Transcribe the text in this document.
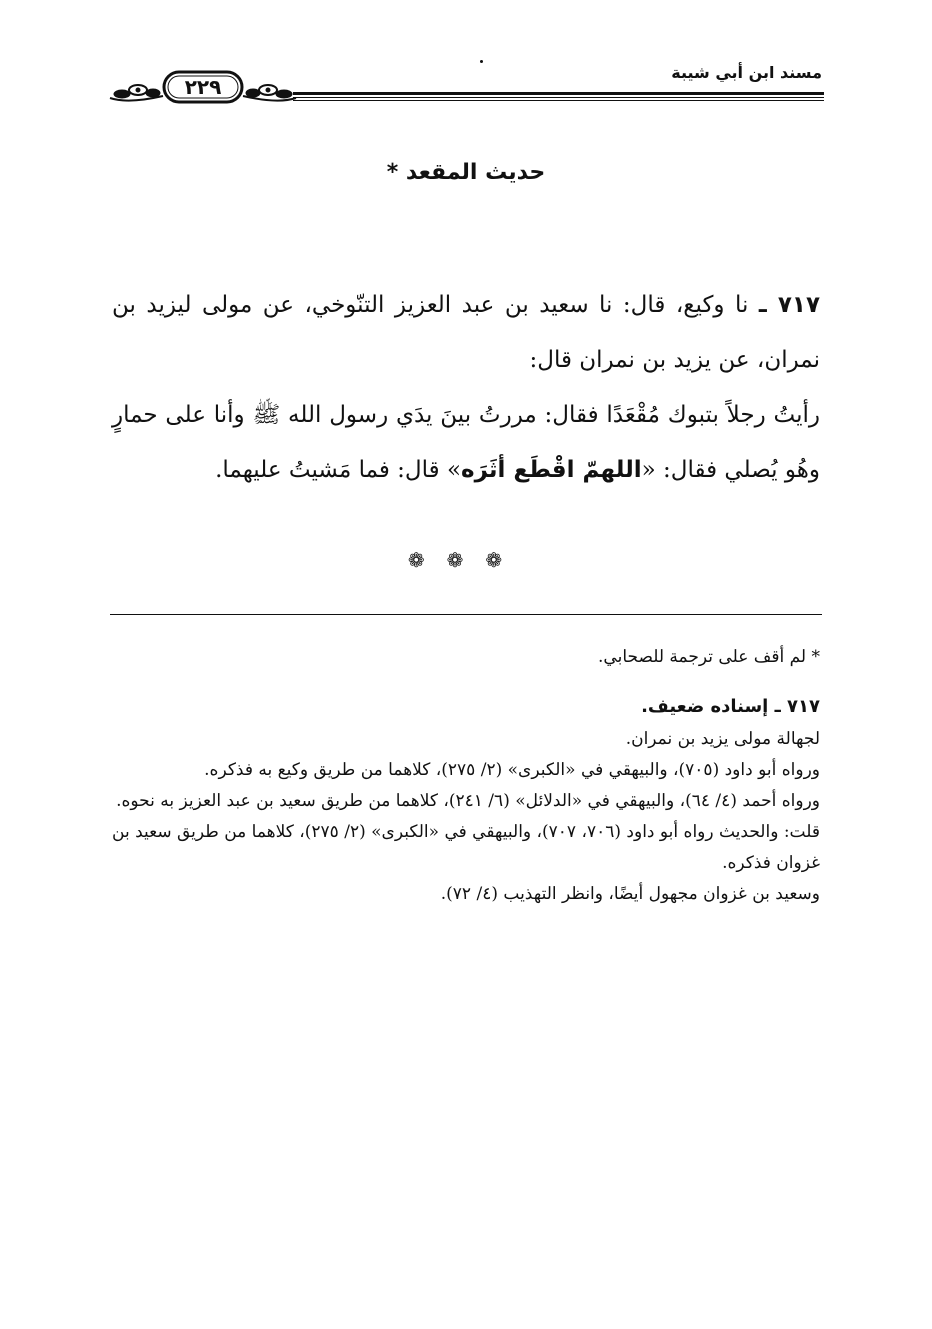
مسند ابن أبي شيبة
٢٢٩
حديث المقعد *

٧١٧ ـ نا وكيع، قال: نا سعيد بن عبد العزيز التنّوخي، عن مولى ليزيد بن نمران، عن يزيد بن نمران قال:

رأيتُ رجلاً بتبوك مُقْعَدًا فقال: مررتُ بينَ يدَي رسول الله ﷺ وأنا على حمارٍ وهُو يُصلي فقال: «اللهمّ اقْطَع أثَرَه» قال: فما مَشيتُ عليهما.

❁❁❁

* لم أقف على ترجمة للصحابي.

٧١٧ ـ إسناده ضعيف.

لجهالة مولى يزيد بن نمران.

ورواه أبو داود (٧٠٥)، والبيهقي في «الكبرى» (٢/ ٢٧٥)، كلاهما من طريق وكيع به فذكره.

ورواه أحمد (٤/ ٦٤)، والبيهقي في «الدلائل» (٦/ ٢٤١)، كلاهما من طريق سعيد بن عبد العزيز به نحوه.

قلت: والحديث رواه أبو داود (٧٠٦، ٧٠٧)، والبيهقي في «الكبرى» (٢/ ٢٧٥)، كلاهما من طريق سعيد بن غزوان فذكره.

وسعيد بن غزوان مجهول أيضًا، وانظر التهذيب (٤/ ٧٢).
